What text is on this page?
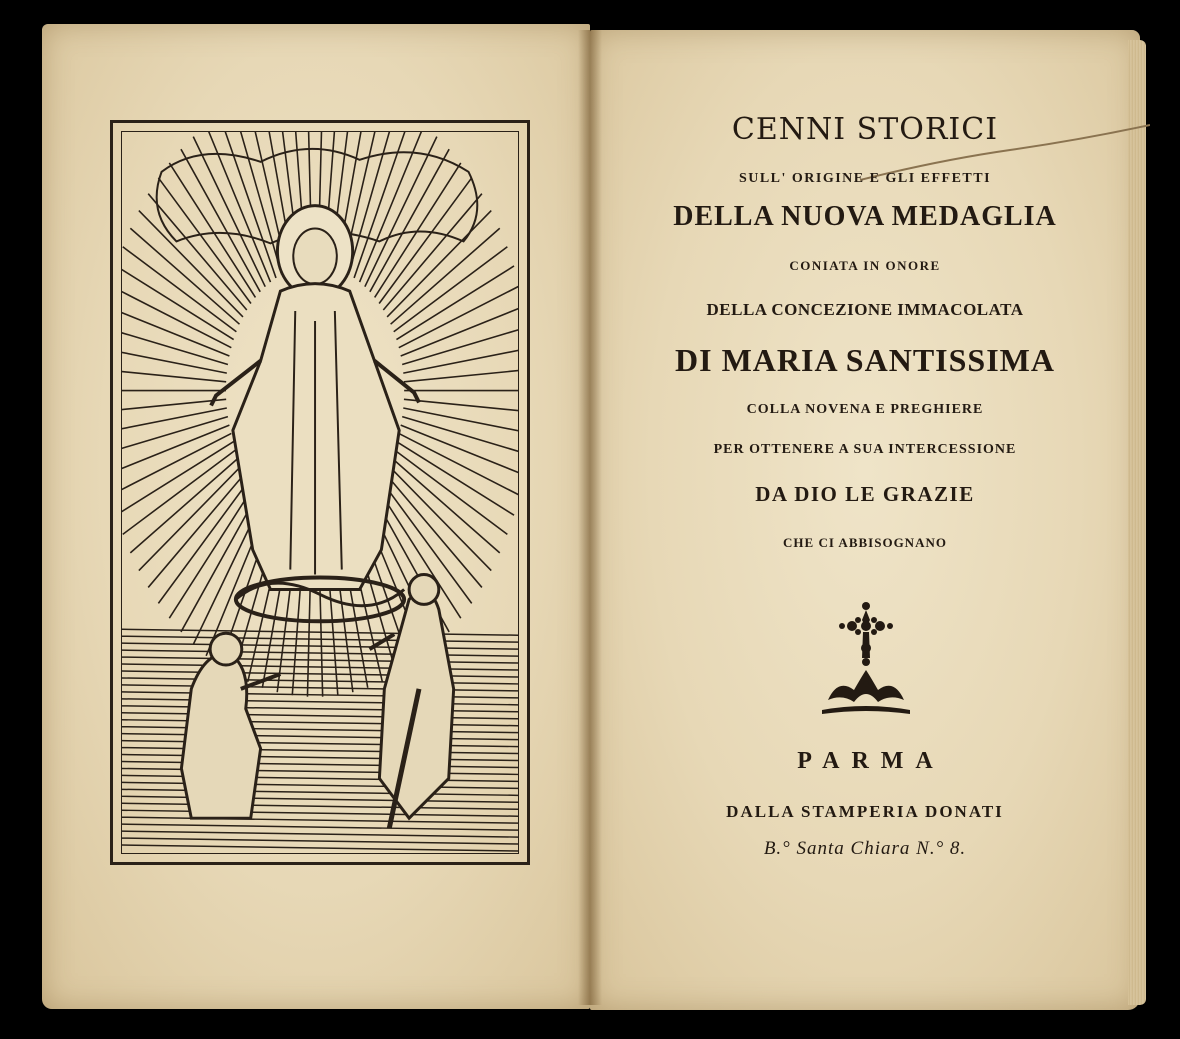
CENNI STORICI
SULL' ORIGINE E GLI EFFETTI
DELLA NUOVA MEDAGLIA
CONIATA IN ONORE
DELLA CONCEZIONE IMMACOLATA
DI MARIA SANTISSIMA
COLLA NOVENA E PREGHIERE
PER OTTENERE A SUA INTERCESSIONE
DA DIO LE GRAZIE
CHE CI ABBISOGNANO
PARMA
DALLA STAMPERIA DONATI
B.° Santa Chiara N.° 8.
